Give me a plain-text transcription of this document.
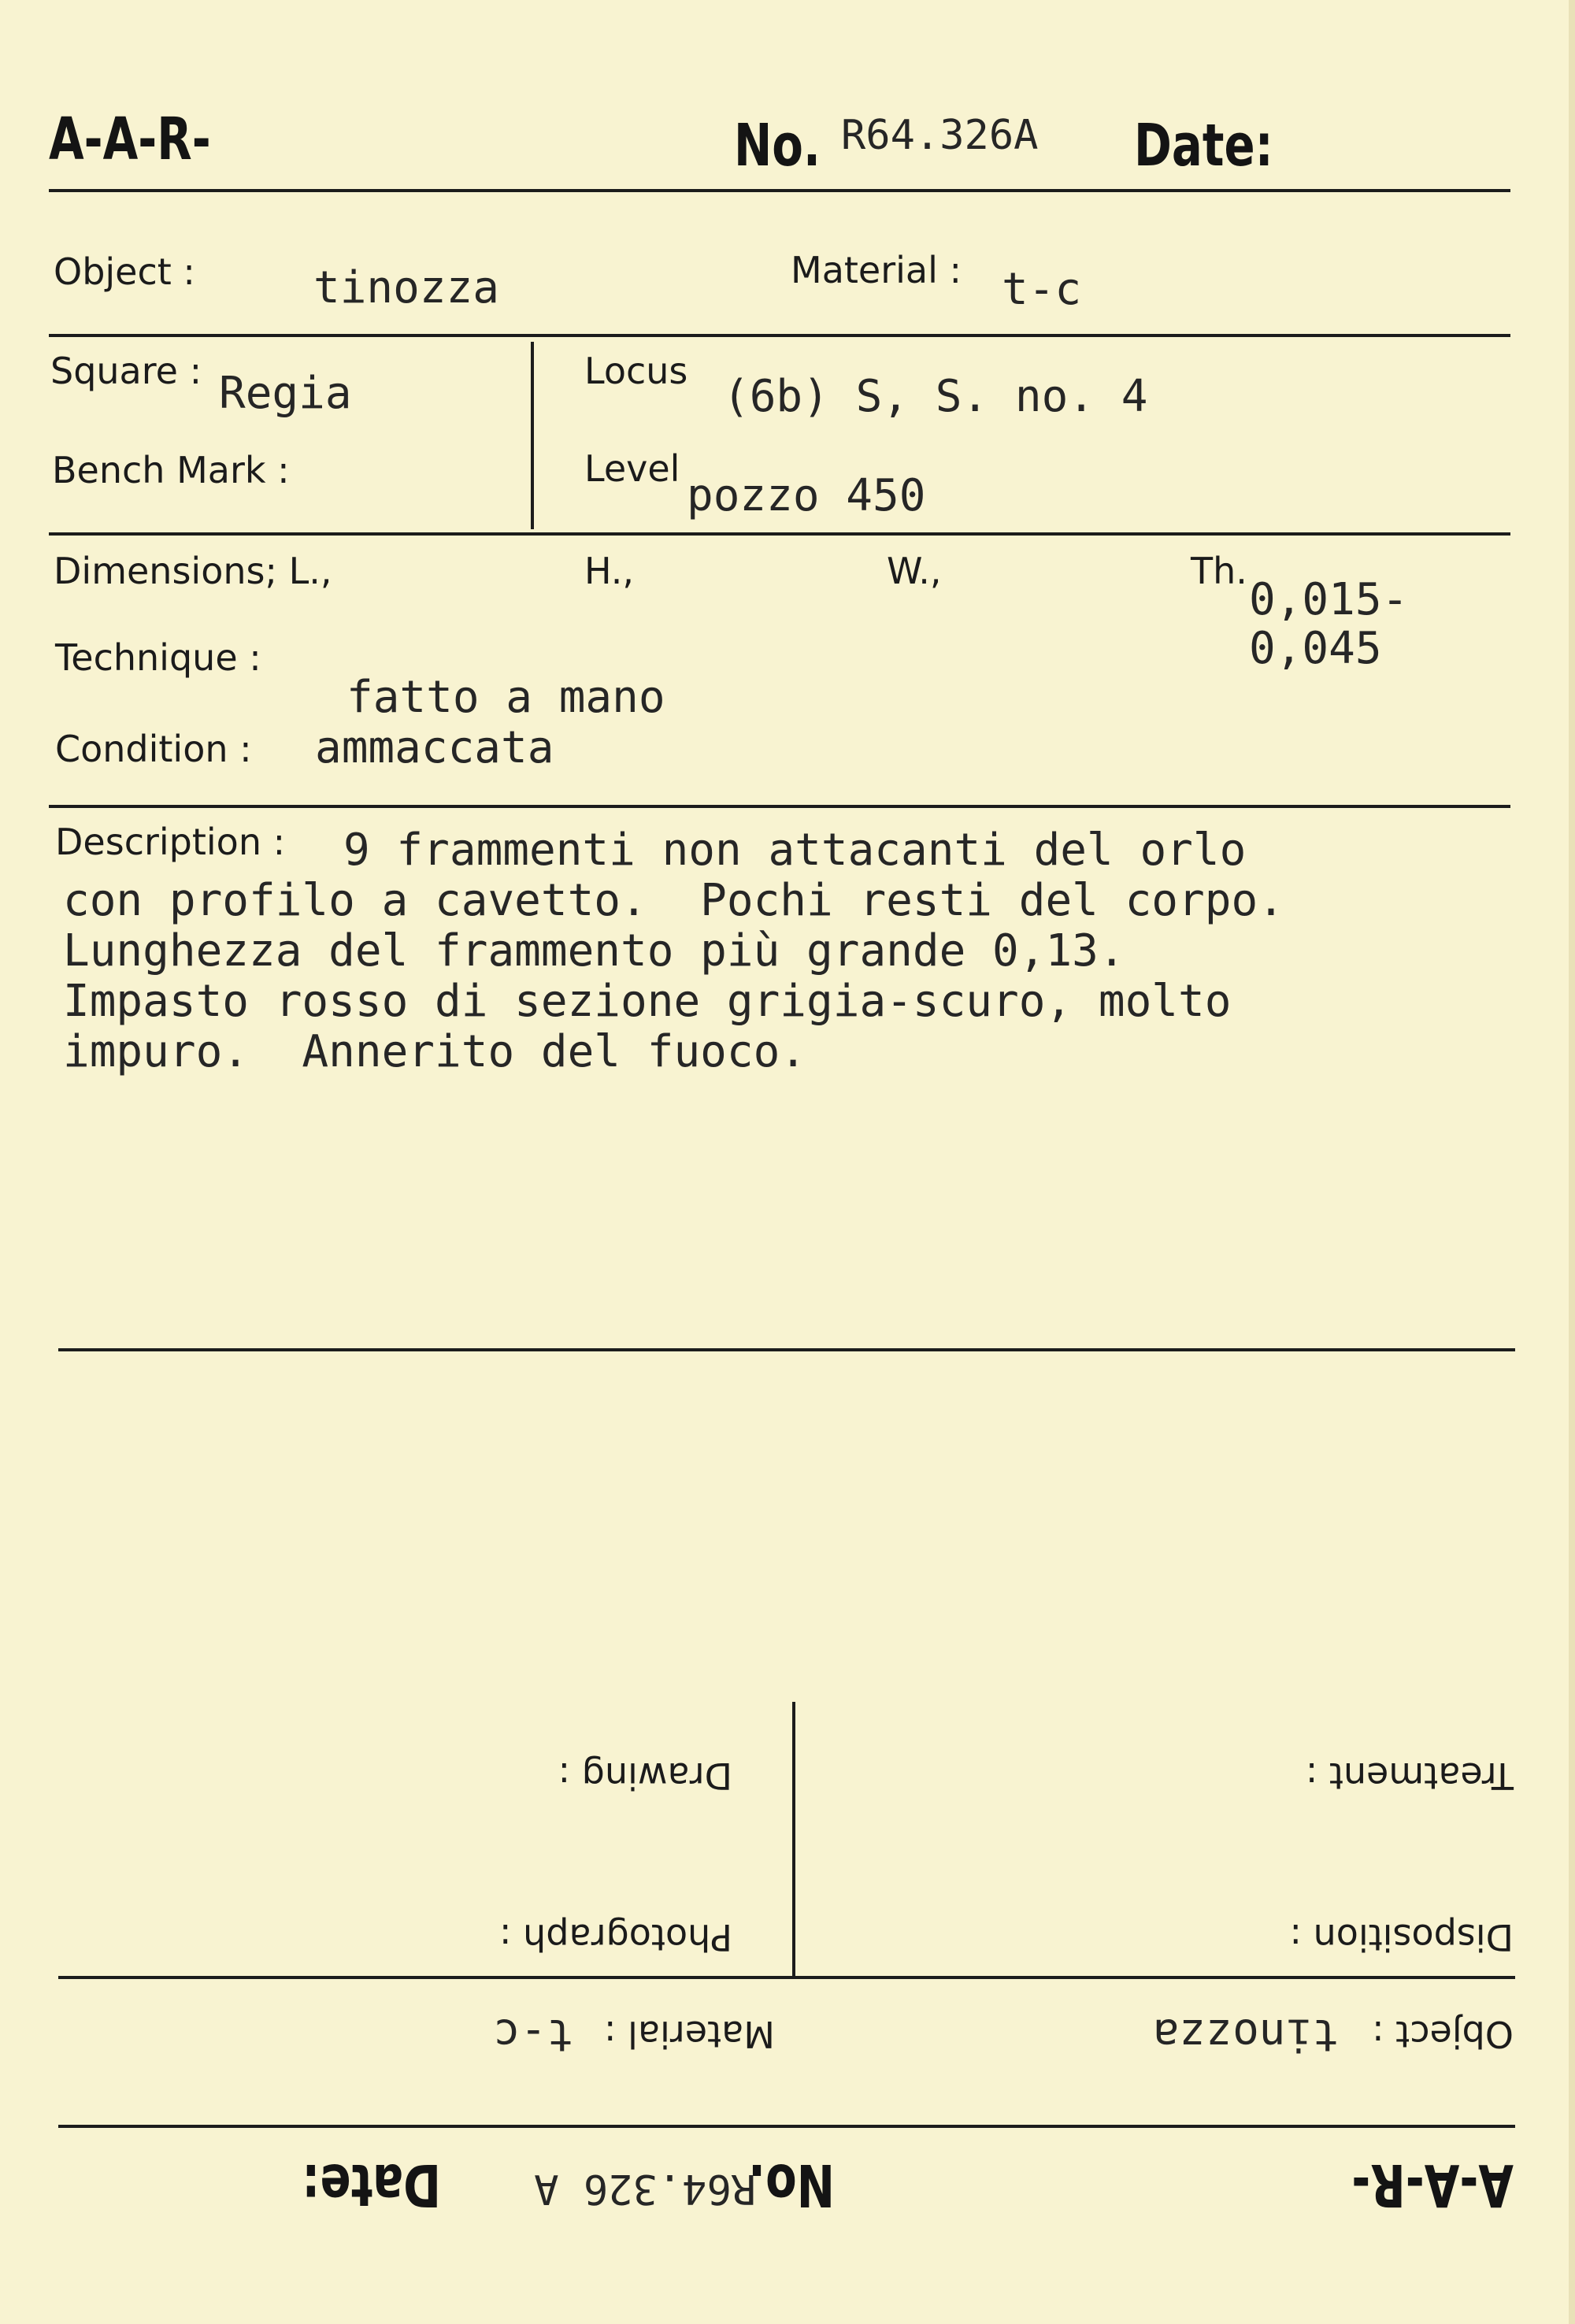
A-A-R-	No. R64.326A Date:
Object :	tinozza	Material : t-c
Square : Regia	Locus (6b) S, S. no. 4
Bench Mark :	Level
pozzo 450
Dimensions; L.,	H.,	W.,	Th.
0,015-
0,045
Technique :
fatto a mano
Condition : ammaccata
Description :	9 frammenti non attacanti del orlo
con profilo a cavetto.  Pochi resti del corpo.
Lunghezza del frammento più grande 0,13.
Impasto rosso di sezione grigia-scuro, molto
impuro.  Annerito del fuoco.
Treatment :
Drawing :
Disposition :
Photograph :
Object :
tinozza
Material :
t-c
A-A-R-
No.
R64.326 A
Date:
